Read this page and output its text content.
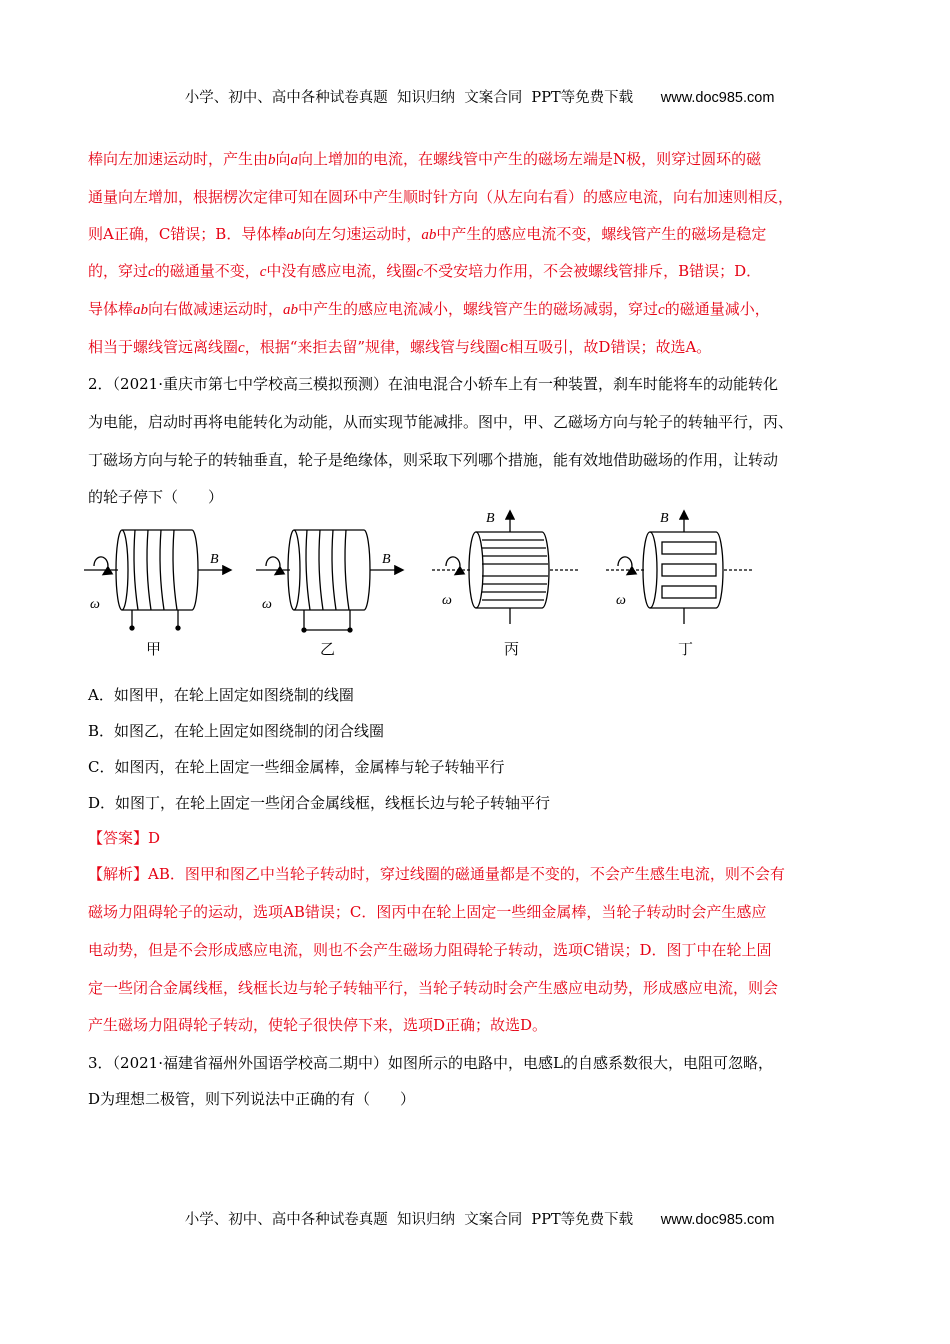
小学、初中、高中各种试卷真题  知识归纳  文案合同  PPT等免费下载 www.doc985.com

棒向左加速运动时，产生由b向a向上增加的电流，在螺线管中产生的磁场左端是N极，则穿过圆环的磁
通量向左增加，根据楞次定律可知在圆环中产生顺时针方向（从左向右看）的感应电流，向右加速则相反，
则A正确，C错误；B．导体棒ab向左匀速运动时，ab中产生的感应电流不变，螺线管产生的磁场是稳定
的，穿过c的磁通量不变，c中没有感应电流，线圈c不受安培力作用，不会被螺线管排斥，B错误；D．
导体棒ab向右做减速运动时，ab中产生的感应电流减小，螺线管产生的磁场减弱，穿过c的磁通量减小，
相当于螺线管远离线圈c，根据“来拒去留”规律，螺线管与线圈c相互吸引，故D错误；故选A。
2．（2021·重庆市第七中学校高三模拟预测）在油电混合小轿车上有一种装置，刹车时能将车的动能转化
为电能，启动时再将电能转化为动能，从而实现节能减排。图中，甲、乙磁场方向与轮子的转轴平行，丙、
丁磁场方向与轮子的转轴垂直，轮子是绝缘体，则采取下列哪个措施，能有效地借助磁场的作用，让转动
的轮子停下（　　）
B	B
B	B
ω	ω	ω	ω
甲	乙	丙	丁
A．如图甲，在轮上固定如图绕制的线圈
B．如图乙，在轮上固定如图绕制的闭合线圈
C．如图丙，在轮上固定一些细金属棒，金属棒与轮子转轴平行
D．如图丁，在轮上固定一些闭合金属线框，线框长边与轮子转轴平行
【答案】D
【解析】AB．图甲和图乙中当轮子转动时，穿过线圈的磁通量都是不变的，不会产生感生电流，则不会有
磁场力阻碍轮子的运动，选项AB错误；C．图丙中在轮上固定一些细金属棒，当轮子转动时会产生感应
电动势，但是不会形成感应电流，则也不会产生磁场力阻碍轮子转动，选项C错误；D．图丁中在轮上固
定一些闭合金属线框，线框长边与轮子转轴平行，当轮子转动时会产生感应电动势，形成感应电流，则会
产生磁场力阻碍轮子转动，使轮子很快停下来，选项D正确；故选D。
3．（2021·福建省福州外国语学校高二期中）如图所示的电路中，电感L的自感系数很大，电阻可忽略，
D为理想二极管，则下列说法中正确的有（　　）

小学、初中、高中各种试卷真题  知识归纳  文案合同  PPT等免费下载 www.doc985.com
